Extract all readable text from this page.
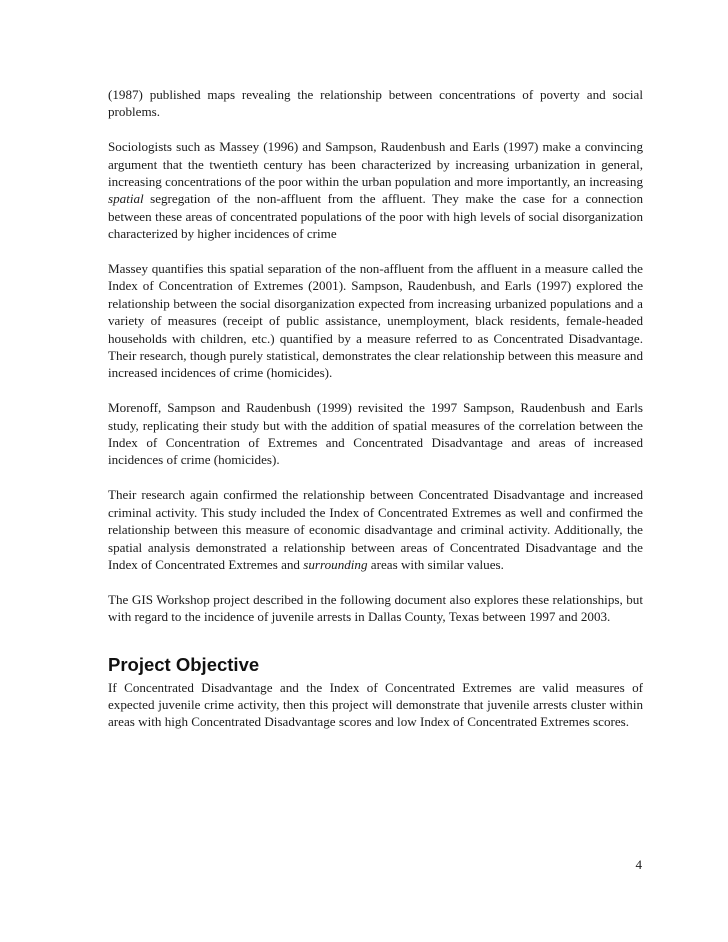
(1987) published maps revealing the relationship between concentrations of poverty and social problems.

Sociologists such as Massey (1996) and Sampson, Raudenbush and Earls (1997) make a convincing argument that the twentieth century has been characterized by increasing urbanization in general, increasing concentrations of the poor within the urban population and more importantly, an increasing spatial segregation of the non-affluent from the affluent. They make the case for a connection between these areas of concentrated populations of the poor with high levels of social disorganization characterized by higher incidences of crime

Massey quantifies this spatial separation of the non-affluent from the affluent in a measure called the Index of Concentration of Extremes (2001). Sampson, Raudenbush, and Earls (1997) explored the relationship between the social disorganization expected from increasing urbanized populations and a variety of measures (receipt of public assistance, unemployment, black residents, female-headed households with children, etc.) quantified by a measure referred to as Concentrated Disadvantage. Their research, though purely statistical, demonstrates the clear relationship between this measure and increased incidences of crime (homicides).

Morenoff, Sampson and Raudenbush (1999) revisited the 1997 Sampson, Raudenbush and Earls study, replicating their study but with the addition of spatial measures of the correlation between the Index of Concentration of Extremes and Concentrated Disadvantage and areas of increased incidences of crime (homicides).

Their research again confirmed the relationship between Concentrated Disadvantage and increased criminal activity. This study included the Index of Concentrated Extremes as well and confirmed the relationship between this measure of economic disadvantage and criminal activity. Additionally, the spatial analysis demonstrated a relationship between areas of Concentrated Disadvantage and the Index of Concentrated Extremes and surrounding areas with similar values.

The GIS Workshop project described in the following document also explores these relationships, but with regard to the incidence of juvenile arrests in Dallas County, Texas between 1997 and 2003.

Project Objective

If Concentrated Disadvantage and the Index of Concentrated Extremes are valid measures of expected juvenile crime activity, then this project will demonstrate that juvenile arrests cluster within areas with high Concentrated Disadvantage scores and low Index of Concentrated Extremes scores.

4
